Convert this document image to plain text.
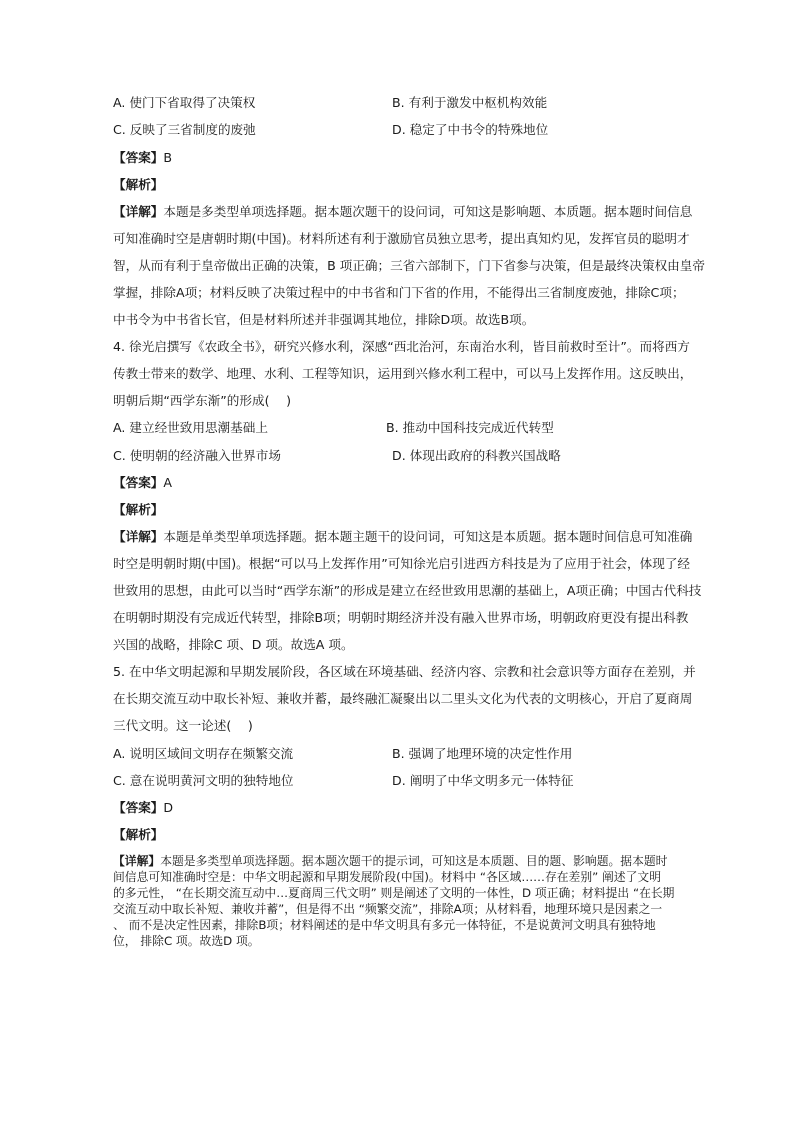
A. 使门下省取得了决策权	B. 有利于激发中枢机构效能
C. 反映了三省制度的废弛	D. 稳定了中书令的特殊地位
【答案】B
【解析】
【详解】本题是多类型单项选择题。据本题次题干的设问词，可知这是影响题、本质题。据本题时间信息
可知准确时空是唐朝时期(中国)。材料所述有利于激励官员独立思考，提出真知灼见，发挥官员的聪明才
智，从而有利于皇帝做出正确的决策，B 项正确；三省六部制下，门下省参与决策，但是最终决策权由皇帝
掌握，排除A项；材料反映了决策过程中的中书省和门下省的作用，不能得出三省制度废弛，排除C项；
中书令为中书省长官，但是材料所述并非强调其地位，排除D项。故选B项。
4. 徐光启撰写《农政全书》，研究兴修水利，深感“西北治河，东南治水利，皆目前救时至计”。而将西方
传教士带来的数学、地理、水利、工程等知识，运用到兴修水利工程中，可以马上发挥作用。这反映出，
明朝后期“西学东渐”的形成(　 )
A. 建立经世致用思潮基础上	B. 推动中国科技完成近代转型
C. 使明朝的经济融入世界市场	D. 体现出政府的科教兴国战略
【答案】A
【解析】
【详解】本题是单类型单项选择题。据本题主题干的设问词，可知这是本质题。据本题时间信息可知准确
时空是明朝时期(中国)。根据“可以马上发挥作用”可知徐光启引进西方科技是为了应用于社会，体现了经
世致用的思想，由此可以当时“西学东渐”的形成是建立在经世致用思潮的基础上，A项正确；中国古代科技
在明朝时期没有完成近代转型，排除B项；明朝时期经济并没有融入世界市场，明朝政府更没有提出科教
兴国的战略，排除C 项、D 项。故选A 项。
5. 在中华文明起源和早期发展阶段，各区域在环境基础、经济内容、宗教和社会意识等方面存在差别，并
在长期交流互动中取长补短、兼收并蓄，最终融汇凝聚出以二里头文化为代表的文明核心，开启了夏商周
三代文明。这一论述(　 )
A. 说明区域间文明存在频繁交流	B. 强调了地理环境的决定性作用
C. 意在说明黄河文明的独特地位	D. 阐明了中华文明多元一体特征
【答案】D
【解析】
【详解】本题是多类型单项选择题。据本题次题干的提示词，可知这是本质题、目的题、影响题。据本题时
间信息可知准确时空是：中华文明起源和早期发展阶段(中国)。材料中 “各区域……存在差别” 阐述了文明
的多元性， “在长期交流互动中…夏商周三代文明” 则是阐述了文明的一体性，D 项正确；材料提出 “在长期
交流互动中取长补短、兼收并蓄”，但是得不出 “频繁交流”，排除A项；从材料看，地理环境只是因素之一
、 而不是决定性因素，排除B项；材料阐述的是中华文明具有多元一体特征，不是说黄河文明具有独特地
位， 排除C 项。故选D 项。
